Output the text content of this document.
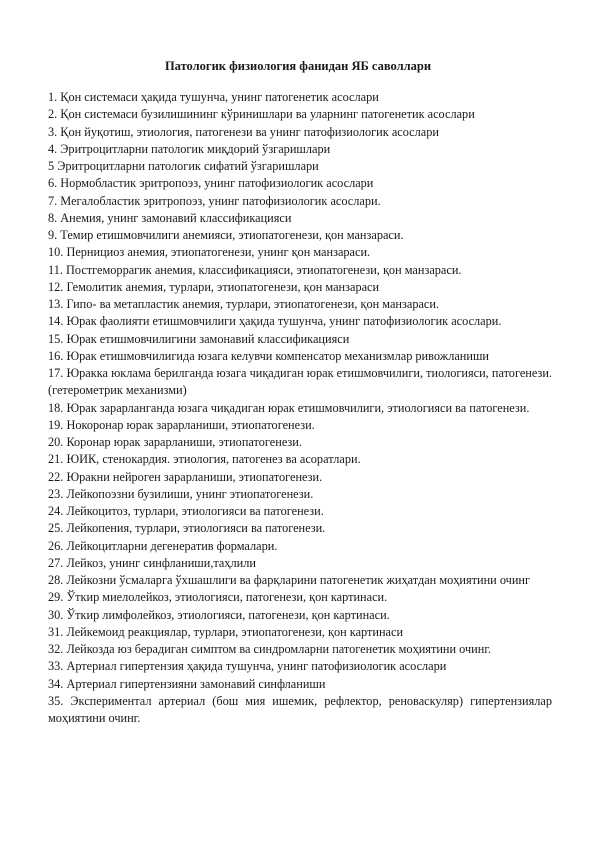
Патологик физиология фанидан ЯБ саволлари
1. Қон системаси ҳақида тушунча, унинг патогенетик асослари
2. Қон системаси бузилишининг кўринишлари ва уларнинг патогенетик асослари
3. Қон йуқотиш, этиология, патогенези ва унинг патофизиологик асослари
4. Эритроцитларни патологик миқдорий ўзгаришлари
5 Эритроцитларни патологик сифатий ўзгаришлари
6. Нормобластик эритропоэз, унинг патофизиологик асослари
7. Мегалобластик эритропоэз, унинг патофизиологик асослари.
8. Анемия, унинг замонавий классификацияси
9. Темир етишмовчилиги анемияси, этиопатогенези, қон манзараси.
10. Пернициоз анемия, этиопатогенези, унинг қон манзараси.
11. Постгеморрагик анемия, классификацияси, этиопатогенези, қон манзараси.
12. Гемолитик анемия, турлари, этиопатогенези, қон манзараси
13. Гипо- ва метапластик анемия, турлари, этиопатогенези, қон манзараси.
14. Юрак фаолияти етишмовчилиги ҳақида тушунча, унинг патофизиологик асослари.
15. Юрак етишмовчилигини замонавий классификацияси
16. Юрак етишмовчилигида юзага келувчи компенсатор механизмлар ривожланиши
17. Юракка юклама берилганда юзага чиқадиган юрак етишмовчилиги, тиологияси, патогенези. (гетерометрик механизми)
18. Юрак зарарланганда юзага чиқадиган юрак етишмовчилиги, этиологияси ва патогенези.
19. Нокоронар юрак зарарланиши, этиопатогенези.
20. Коронар юрак зарарланиши, этиопатогенези.
21. ЮИК, стенокардия. этиология, патогенез ва асоратлари.
22. Юракни нейроген зарарланиши, этиопатогенези.
23. Лейкопоэзни бузилиши, унинг этиопатогенези.
24. Лейкоцитоз, турлари, этиологияси ва патогенези.
25. Лейкопения, турлари, этиологияси ва патогенези.
26. Лейкоцитларни дегенератив формалари.
27. Лейкоз, унинг синфланиши,таҳлили
28. Лейкозни ўсмаларга ўхшашлиги ва фарқларини патогенетик жиҳатдан моҳиятини очинг
29. Ўткир миелолейкоз, этиологияси, патогенези, қон картинаси.
30. Ўткир лимфолейкоз, этиологияси, патогенези, қон картинаси.
31. Лейкемоид реакциялар, турлари, этиопатогенези, қон картинаси
32. Лейкозда юз берадиган симптом ва синдромларни патогенетик моҳиятини очинг.
33. Артериал гипертензия ҳақида тушунча, унинг патофизиологик асослари
34. Артериал гипертензияни замонавий синфланиши
35. Экспериментал артериал (бош мия ишемик, рефлектор, реноваскуляр) гипертензиялар моҳиятини очинг.
